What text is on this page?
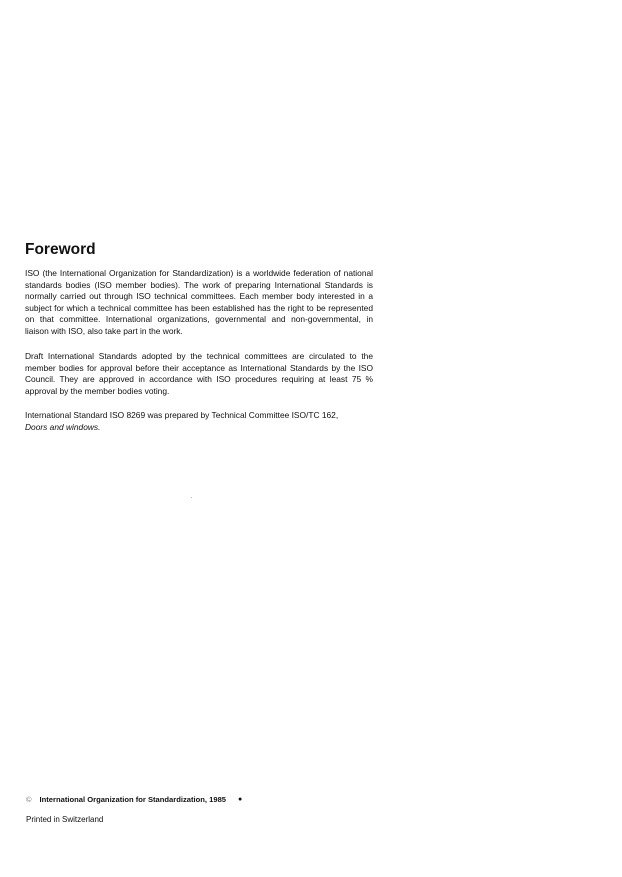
Foreword

ISO (the International Organization for Standardization) is a worldwide federation of national standards bodies (ISO member bodies). The work of preparing International Standards is normally carried out through ISO technical committees. Each member body interested in a subject for which a technical committee has been established has the right to be represented on that committee. International organizations, governmental and non-governmental, in liaison with ISO, also take part in the work.

Draft International Standards adopted by the technical committees are circulated to the member bodies for approval before their acceptance as International Standards by the ISO Council. They are approved in accordance with ISO procedures requiring at least 75 % approval by the member bodies voting.

International Standard ISO 8269 was prepared by Technical Committee ISO/TC 162,
Doors and windows.

© International Organization for Standardization, 1985 ●
Printed in Switzerland
